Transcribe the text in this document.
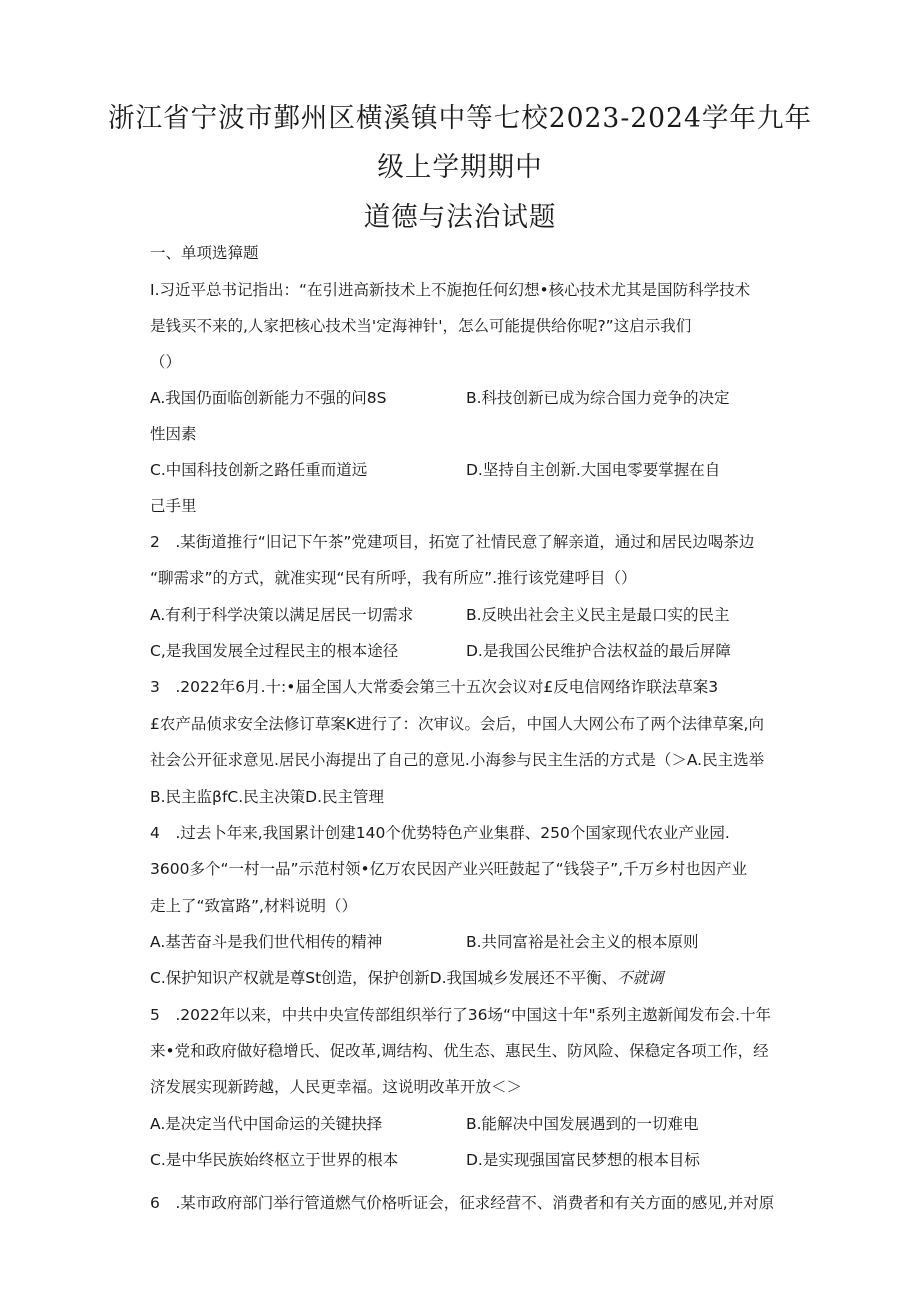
浙江省宁波市鄞州区横溪镇中等七校2023-2024学年九年
级上学期期中
道德与法治试题
一、单项选獐题
I.习近平总书记指出：“在引进高新技术上不旎抱任何幻想•核心技术尤其是国防科学技术
是钱买不来的,人家把核心技术当'定海神针'，怎么可能提供给你呢?”这启示我们
（）
A.我国仍面临创新能力不强的问8S	B.科技创新已成为综合国力竞争的决定
性因素
C.中国科技创新之路任重而道远	D.坚持自主创新.大国电零要掌握在自
己手里
2　.某街道推行“旧记下午茶”党建项目，拓宽了社情民意了解亲道，通过和居民边喝茶边
“聊需求”的方式，就准实现“民有所呼，我有所应”.推行该党建呼目（）
A.有利于科学决策以满足居民一切需求	B.反映出社会主义民主是最口实的民主
C,是我国发展全过程民主的根本途径	D.是我国公民维护合法权益的最后屏障
3　.2022年6月.十:•届全国人大常委会第三十五次会议对£反电信网络诈联法草案3
£农产品侦求安全法修订草案K进行了：次审议。会后，中国人大网公布了两个法律草案,向
社会公开征求意见.居民小海提出了自己的意见.小海参与民主生活的方式是（＞A.民主选举
B.民主监βfC.民主决策D.民主管理
4　.过去卜年来,我国累计创建140个优势特色产业集群、250个国家现代农业产业园.
3600多个“一村一品”示范村领•亿万农民因产业兴旺鼓起了“钱袋子”,千万乡村也因产业
走上了“致富路”,材料说明（）
A.基苦奋斗是我们世代相传的精神	B.共同富裕是社会主义的根本原则
C.保护知识产权就是尊St创造，保护创新D.我国城乡发展还不平衡、不就调
5　.2022年以来，中共中央宣传部组织举行了36场“中国这十年"系列主遨新闻发布会.十年
来•党和政府做好稳增氏、促改革,调结构、优生态、惠民生、防风险、保稳定各项工作，经
济发展实现新跨越，人民更幸福。这说明改革开放＜＞
A.是决定当代中国命运的关键抉择	B.能解决中国发展遇到的一切难电
C.是中华民族始终枢立于世界的根本	D.是实现强国富民梦想的根本目标
6　.某市政府部门举行管道燃气价格听证会，征求经营不、消费者和有关方面的感见,并对原
